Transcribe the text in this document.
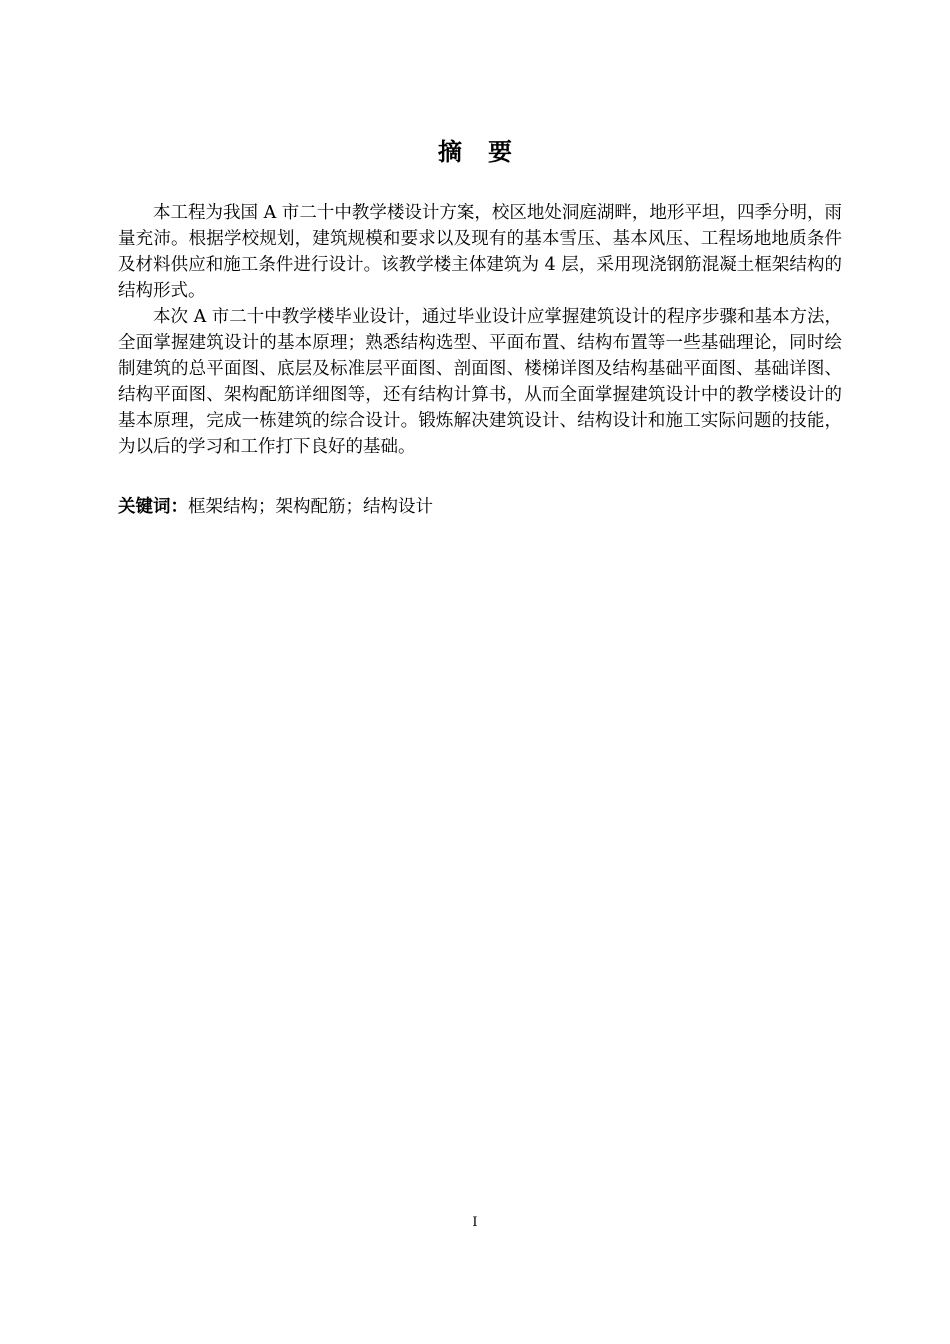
摘要

本工程为我国 A 市二十中教学楼设计方案，校区地处洞庭湖畔，地形平坦，四季分明，雨量充沛。根据学校规划，建筑规模和要求以及现有的基本雪压、基本风压、工程场地地质条件及材料供应和施工条件进行设计。该教学楼主体建筑为 4 层，采用现浇钢筋混凝土框架结构的结构形式。

本次 A 市二十中教学楼毕业设计，通过毕业设计应掌握建筑设计的程序步骤和基本方法，全面掌握建筑设计的基本原理；熟悉结构选型、平面布置、结构布置等一些基础理论，同时绘制建筑的总平面图、底层及标准层平面图、剖面图、楼梯详图及结构基础平面图、基础详图、结构平面图、架构配筋详细图等，还有结构计算书，从而全面掌握建筑设计中的教学楼设计的基本原理，完成一栋建筑的综合设计。锻炼解决建筑设计、结构设计和施工实际问题的技能，为以后的学习和工作打下良好的基础。

关键词：框架结构；架构配筋；结构设计
I
